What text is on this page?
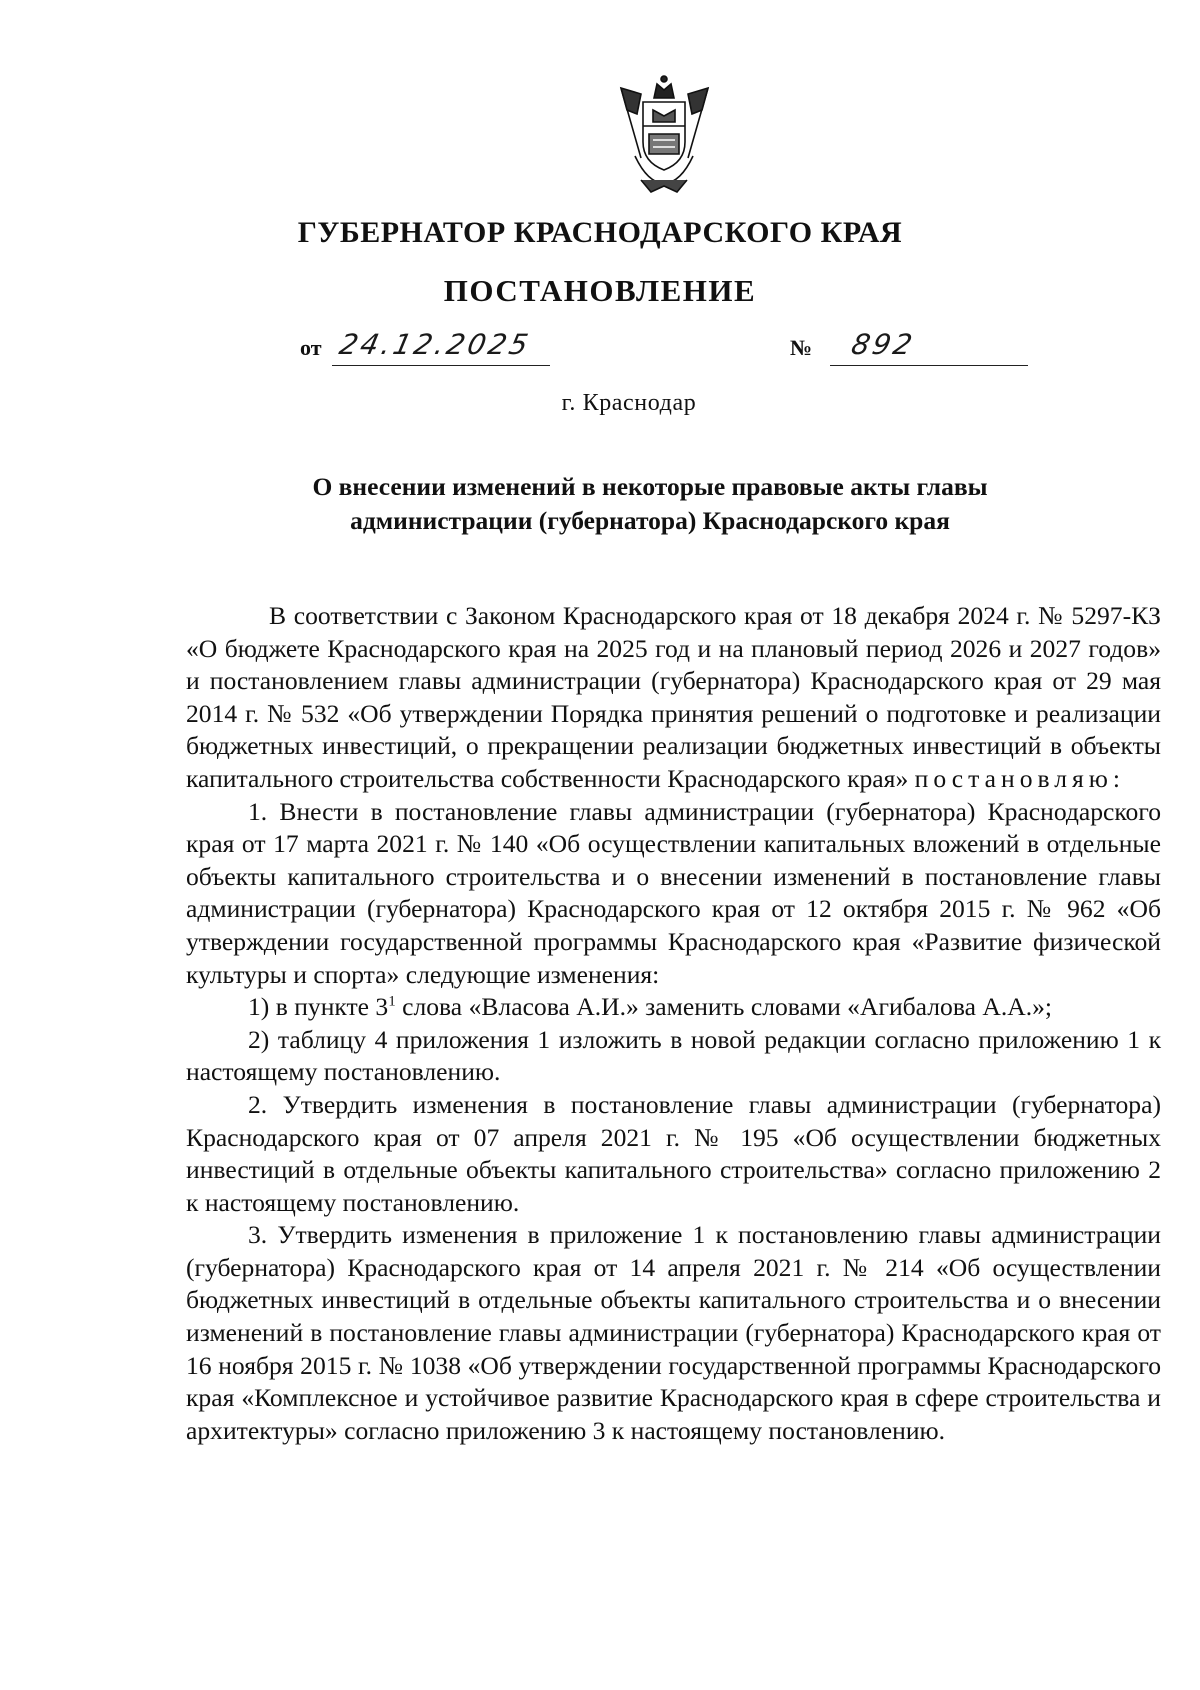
ГУБЕРНАТОР КРАСНОДАРСКОГО КРАЯ
ПОСТАНОВЛЕНИЕ
от 24.12.2025	№ 892
г. Краснодар
О внесении изменений в некоторые правовые акты главы
администрации (губернатора) Краснодарского края

В соответствии с Законом Краснодарского края от 18 декабря 2024 г. № 5297-КЗ «О бюджете Краснодарского края на 2025 год и на плановый период 2026 и 2027 годов» и постановлением главы администрации (губернатора) Краснодарского края от 29 мая 2014 г. № 532 «Об утверждении Порядка принятия решений о подготовке и реализации бюджетных инвестиций, о прекращении реализации бюджетных инвестиций в объекты капитального строительства собственности Краснодарского края» постановляю:

1. Внести в постановление главы администрации (губернатора) Краснодарского края от 17 марта 2021 г. № 140 «Об осуществлении капитальных вложений в отдельные объекты капитального строительства и о внесении изменений в постановление главы администрации (губернатора) Краснодарского края от 12 октября 2015 г. № 962 «Об утверждении государственной программы Краснодарского края «Развитие физической культуры и спорта» следующие изменения:

1) в пункте $3^1$ слова «Власова А.И.» заменить словами «Агибалова А.А.»;

2) таблицу 4 приложения 1 изложить в новой редакции согласно приложению 1 к настоящему постановлению.

2. Утвердить изменения в постановление главы администрации (губернатора) Краснодарского края от 07 апреля 2021 г. № 195 «Об осуществлении бюджетных инвестиций в отдельные объекты капитального строительства» согласно приложению 2 к настоящему постановлению.

3. Утвердить изменения в приложение 1 к постановлению главы администрации (губернатора) Краснодарского края от 14 апреля 2021 г. № 214 «Об осуществлении бюджетных инвестиций в отдельные объекты капитального строительства и о внесении изменений в постановление главы администрации (губернатора) Краснодарского края от 16 ноября 2015 г. № 1038 «Об утверждении государственной программы Краснодарского края «Комплексное и устойчивое развитие Краснодарского края в сфере строительства и архитектуры» согласно приложению 3 к настоящему постановлению.
